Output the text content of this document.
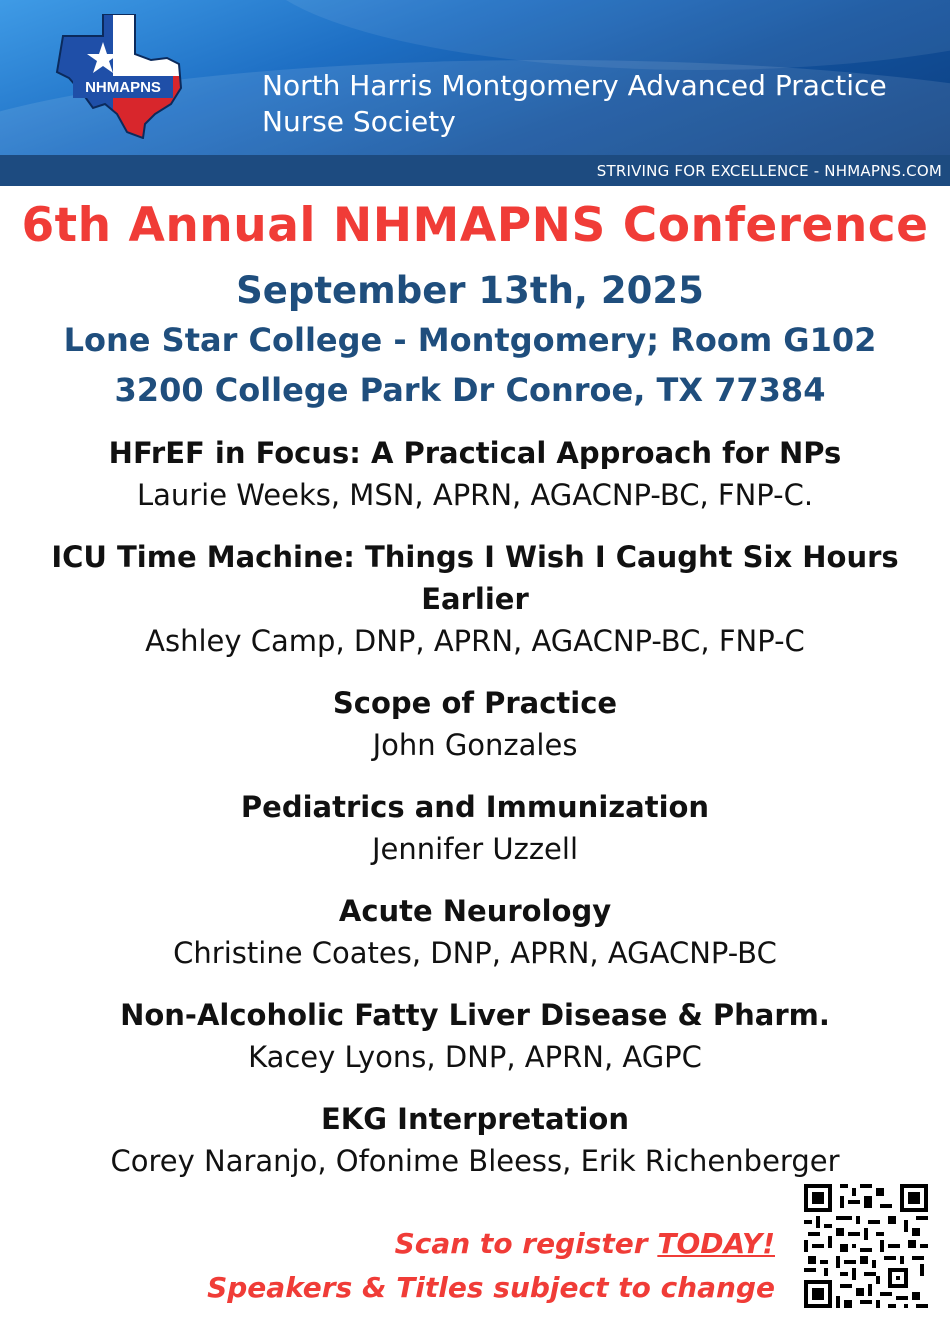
NHMAPNS	North Harris Montgomery Advanced Practice
Nurse Society
STRIVING FOR EXCELLENCE - NHMAPNS.COM
6th Annual NHMAPNS Conference
September 13th, 2025
Lone Star College - Montgomery; Room G102
3200 College Park Dr Conroe, TX 77384
HFrEF in Focus: A Practical Approach for NPs
Laurie Weeks, MSN, APRN, AGACNP-BC, FNP-C.
ICU Time Machine: Things I Wish I Caught Six Hours Earlier
Ashley Camp, DNP, APRN, AGACNP-BC, FNP-C
Scope of Practice
John Gonzales
Pediatrics and Immunization
Jennifer Uzzell
Acute Neurology
Christine Coates, DNP, APRN, AGACNP-BC
Non-Alcoholic Fatty Liver Disease & Pharm.
Kacey Lyons, DNP, APRN, AGPC
EKG Interpretation
Corey Naranjo, Ofonime Bleess, Erik Richenberger
Scan to register TODAY!
Speakers & Titles subject to change
